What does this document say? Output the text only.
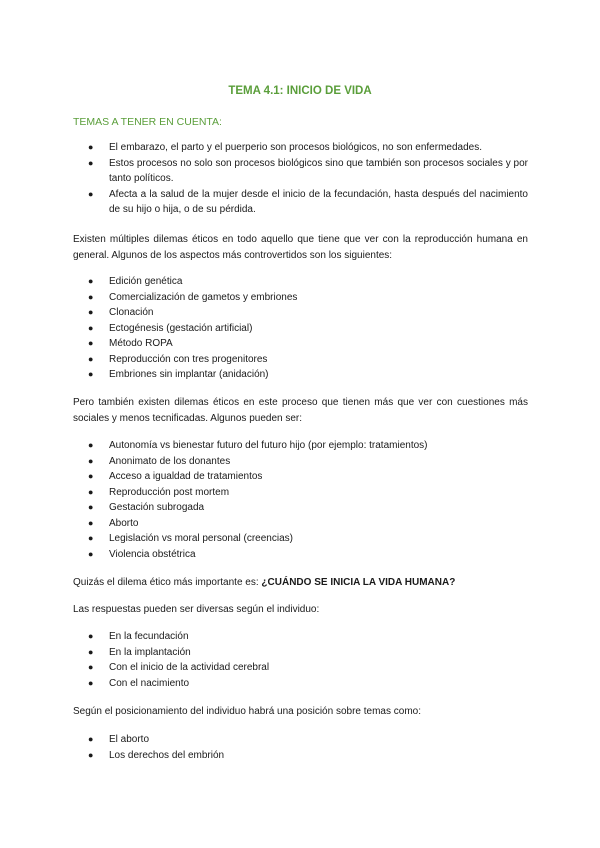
TEMA 4.1: INICIO DE VIDA
TEMAS A TENER EN CUENTA:
● El embarazo, el parto y el puerperio son procesos biológicos, no son enfermedades.
● Estos procesos no solo son procesos biológicos sino que también son procesos sociales y por tanto políticos.
● Afecta a la salud de la mujer desde el inicio de la fecundación, hasta después del nacimiento de su hijo o hija, o de su pérdida.
Existen múltiples dilemas éticos en todo aquello que tiene que ver con la reproducción humana en general. Algunos de los aspectos más controvertidos son los siguientes:
● Edición genética
● Comercialización de gametos y embriones
● Clonación
● Ectogénesis (gestación artificial)
● Método ROPA
● Reproducción con tres progenitores
● Embriones sin implantar (anidación)
Pero también existen dilemas éticos en este proceso que tienen más que ver con cuestiones más sociales y menos tecnificadas. Algunos pueden ser:
● Autonomía vs bienestar futuro del futuro hijo (por ejemplo: tratamientos)
● Anonimato de los donantes
● Acceso a igualdad de tratamientos
● Reproducción post mortem
● Gestación subrogada
● Aborto
● Legislación vs moral personal (creencias)
● Violencia obstétrica
Quizás el dilema ético más importante es: ¿CUÁNDO SE INICIA LA VIDA HUMANA?
Las respuestas pueden ser diversas según el individuo:
● En la fecundación
● En la implantación
● Con el inicio de la actividad cerebral
● Con el nacimiento
Según el posicionamiento del individuo habrá una posición sobre temas como:
● El aborto
● Los derechos del embrión
